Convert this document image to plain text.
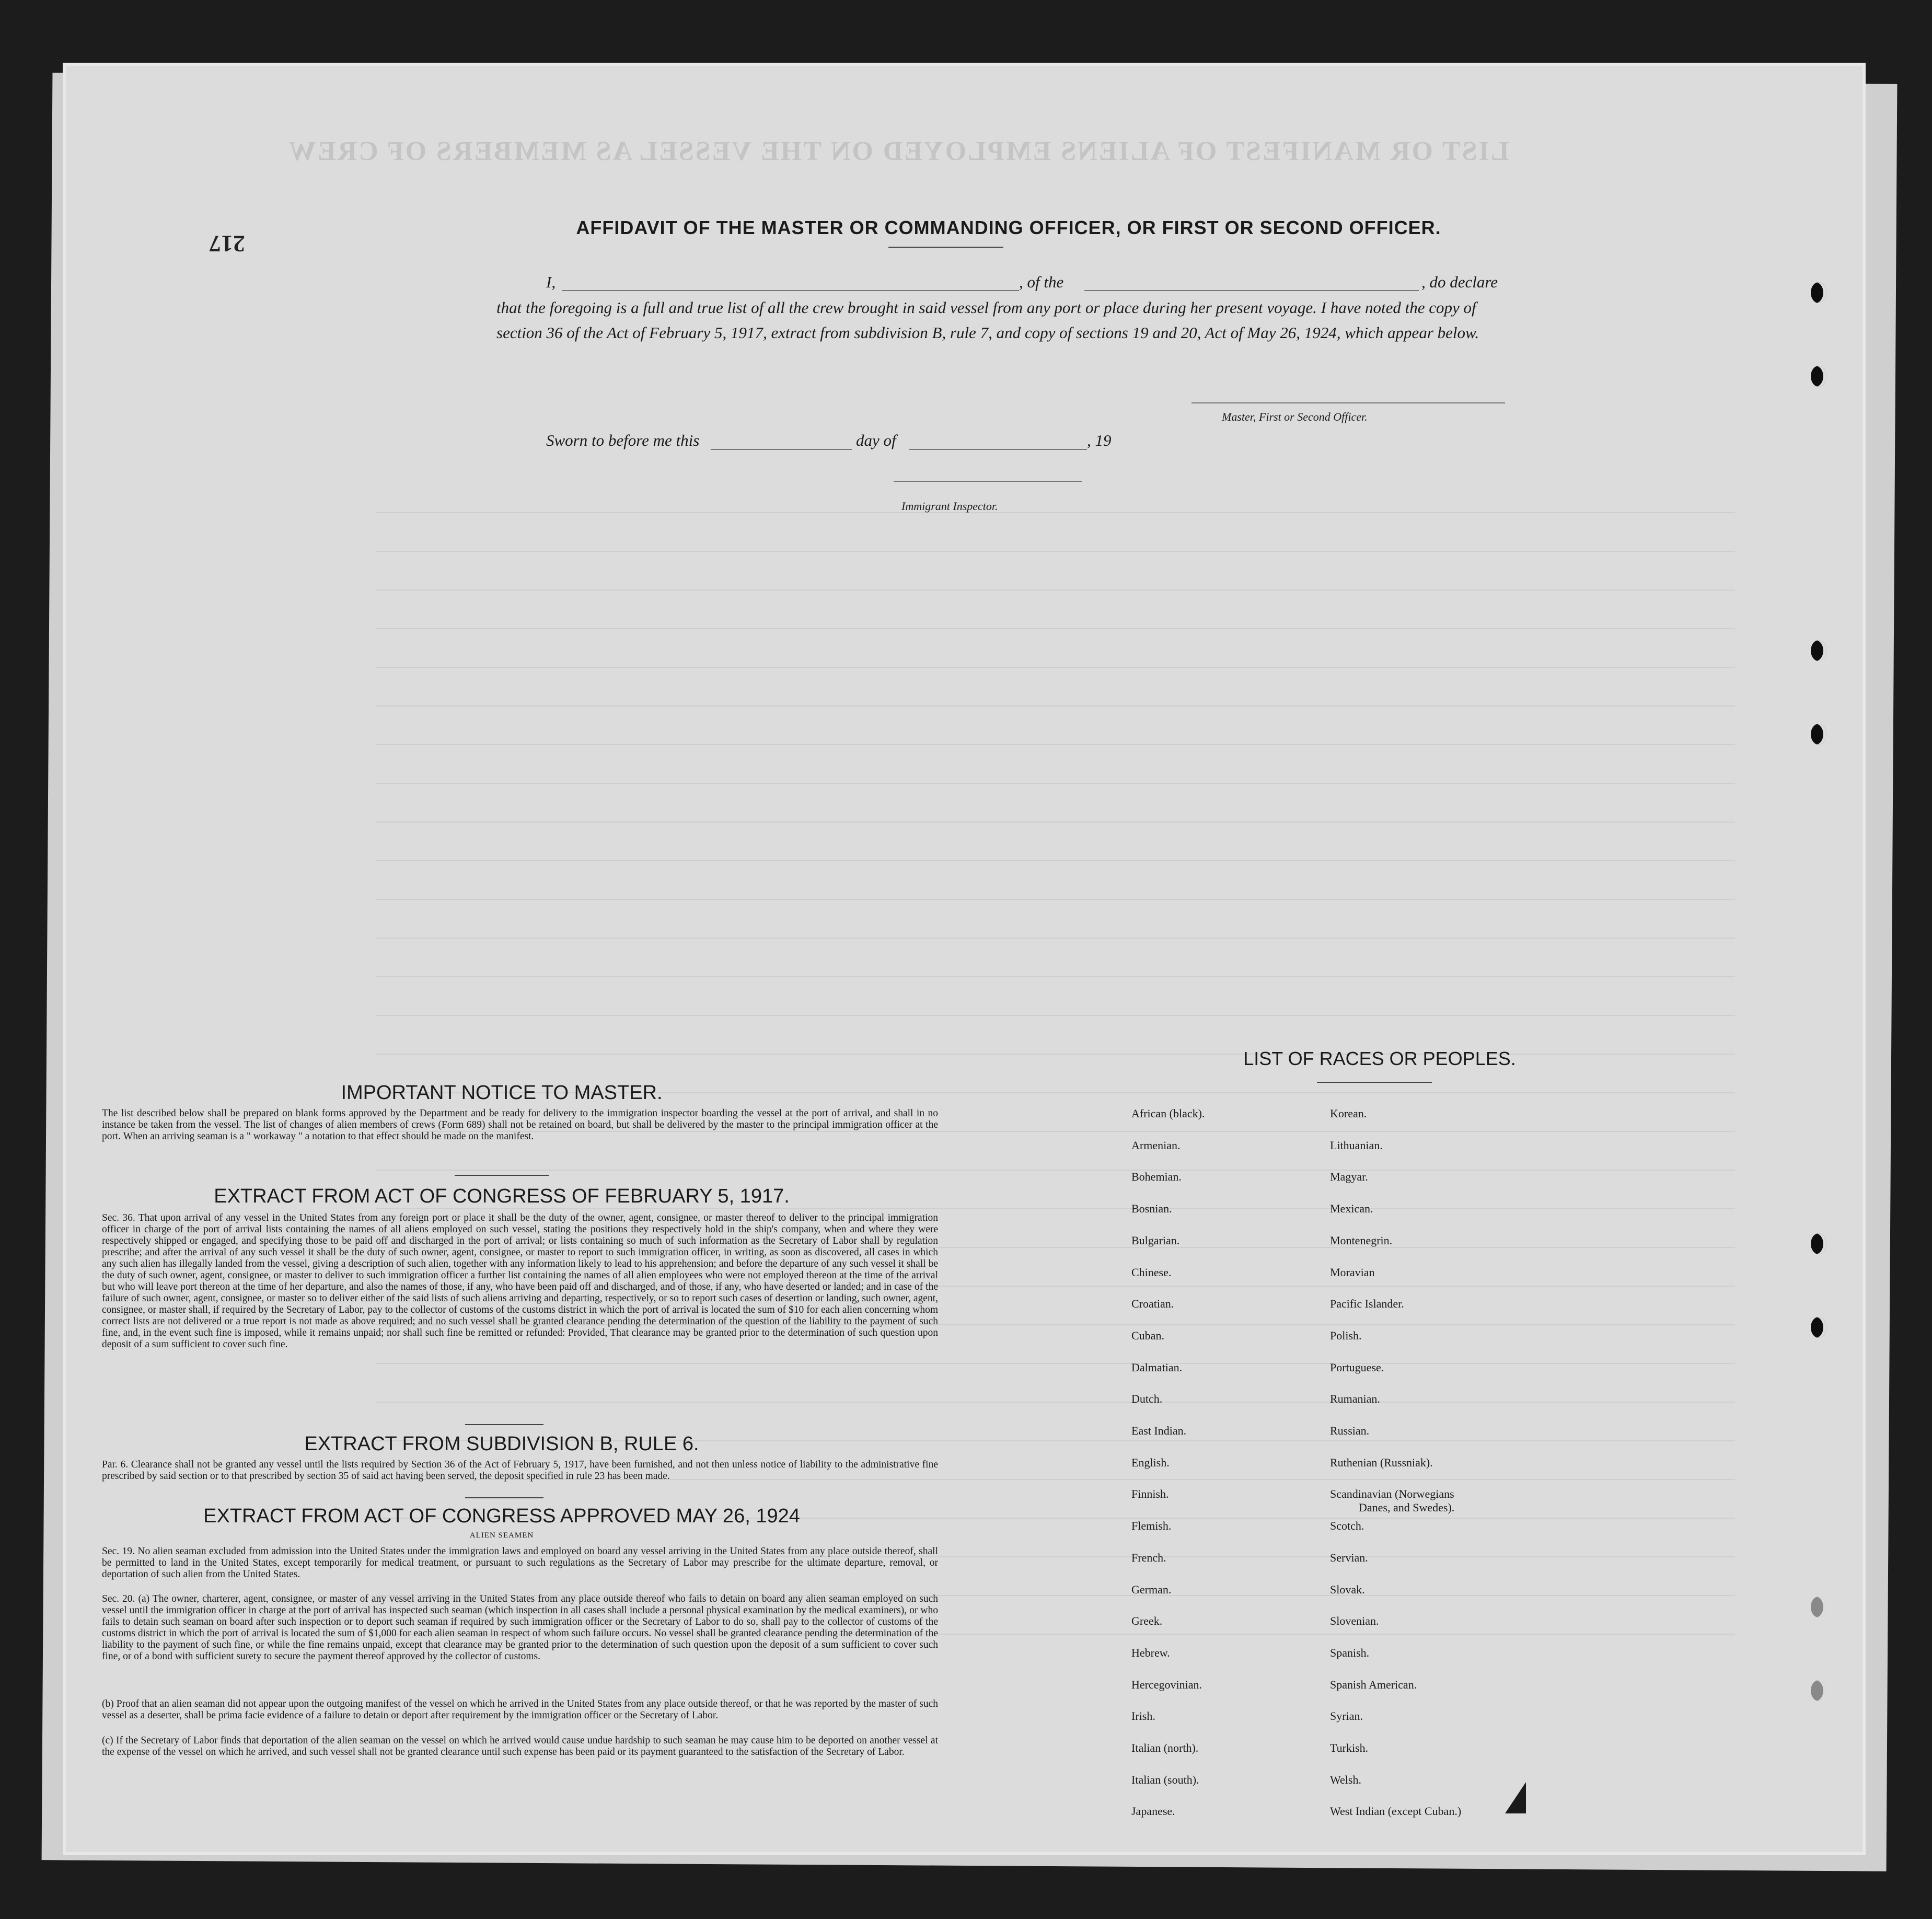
LIST OR MANIFEST OF ALIENS EMPLOYED ON THE VESSEL AS MEMBERS OF CREW
217
AFFIDAVIT OF THE MASTER OR COMMANDING OFFICER, OR FIRST OR SECOND OFFICER.
I,	, of the	, do declare
that the foregoing is a full and true list of all the crew brought in said vessel from any port or place during her present voyage. I have noted the copy of section 36 of the Act of February 5, 1917, extract from subdivision B, rule 7, and copy of sections 19 and 20, Act of May 26, 1924, which appear below.
Master, First or Second Officer.
Sworn to before me this	day of	, 19
Immigrant Inspector.
IMPORTANT NOTICE TO MASTER.
The list described below shall be prepared on blank forms approved by the Department and be ready for delivery to the immigration inspector boarding the vessel at the port of arrival, and shall in no instance be taken from the vessel. The list of changes of alien members of crews (Form 689) shall not be retained on board, but shall be delivered by the master to the principal immigration officer at the port. When an arriving seaman is a " workaway " a notation to that effect should be made on the manifest.
EXTRACT FROM ACT OF CONGRESS OF FEBRUARY 5, 1917.
Sec. 36. That upon arrival of any vessel in the United States from any foreign port or place it shall be the duty of the owner, agent, consignee, or master thereof to deliver to the principal immigration officer in charge of the port of arrival lists containing the names of all aliens employed on such vessel, stating the positions they respectively hold in the ship's company, when and where they were respectively shipped or engaged, and specifying those to be paid off and discharged in the port of arrival; or lists containing so much of such information as the Secretary of Labor shall by regulation prescribe; and after the arrival of any such vessel it shall be the duty of such owner, agent, consignee, or master to report to such immigration officer, in writing, as soon as discovered, all cases in which any such alien has illegally landed from the vessel, giving a description of such alien, together with any information likely to lead to his apprehension; and before the departure of any such vessel it shall be the duty of such owner, agent, consignee, or master to deliver to such immigration officer a further list containing the names of all alien employees who were not employed thereon at the time of the arrival but who will leave port thereon at the time of her departure, and also the names of those, if any, who have been paid off and discharged, and of those, if any, who have deserted or landed; and in case of the failure of such owner, agent, consignee, or master so to deliver either of the said lists of such aliens arriving and departing, respectively, or so to report such cases of desertion or landing, such owner, agent, consignee, or master shall, if required by the Secretary of Labor, pay to the collector of customs of the customs district in which the port of arrival is located the sum of $10 for each alien concerning whom correct lists are not delivered or a true report is not made as above required; and no such vessel shall be granted clearance pending the determination of the question of the liability to the payment of such fine, and, in the event such fine is imposed, while it remains unpaid; nor shall such fine be remitted or refunded: Provided, That clearance may be granted prior to the determination of such question upon deposit of a sum sufficient to cover such fine.
EXTRACT FROM SUBDIVISION B, RULE 6.
Par. 6. Clearance shall not be granted any vessel until the lists required by Section 36 of the Act of February 5, 1917, have been furnished, and not then unless notice of liability to the administrative fine prescribed by said section or to that prescribed by section 35 of said act having been served, the deposit specified in rule 23 has been made.
EXTRACT FROM ACT OF CONGRESS APPROVED MAY 26, 1924
ALIEN SEAMEN
Sec. 19. No alien seaman excluded from admission into the United States under the immigration laws and employed on board any vessel arriving in the United States from any place outside thereof, shall be permitted to land in the United States, except temporarily for medical treatment, or pursuant to such regulations as the Secretary of Labor may prescribe for the ultimate departure, removal, or deportation of such alien from the United States.
Sec. 20. (a) The owner, charterer, agent, consignee, or master of any vessel arriving in the United States from any place outside thereof who fails to detain on board any alien seaman employed on such vessel until the immigration officer in charge at the port of arrival has inspected such seaman (which inspection in all cases shall include a personal physical examination by the medical examiners), or who fails to detain such seaman on board after such inspection or to deport such seaman if required by such immigration officer or the Secretary of Labor to do so, shall pay to the collector of customs of the customs district in which the port of arrival is located the sum of $1,000 for each alien seaman in respect of whom such failure occurs. No vessel shall be granted clearance pending the determination of the liability to the payment of such fine, or while the fine remains unpaid, except that clearance may be granted prior to the determination of such question upon the deposit of a sum sufficient to cover such fine, or of a bond with sufficient surety to secure the payment thereof approved by the collector of customs.
(b) Proof that an alien seaman did not appear upon the outgoing manifest of the vessel on which he arrived in the United States from any place outside thereof, or that he was reported by the master of such vessel as a deserter, shall be prima facie evidence of a failure to detain or deport after requirement by the immigration officer or the Secretary of Labor.
(c) If the Secretary of Labor finds that deportation of the alien seaman on the vessel on which he arrived would cause undue hardship to such seaman he may cause him to be deported on another vessel at the expense of the vessel on which he arrived, and such vessel shall not be granted clearance until such expense has been paid or its payment guaranteed to the satisfaction of the Secretary of Labor.
LIST OF RACES OR PEOPLES.
African (black).
Armenian.
Bohemian.
Bosnian.
Bulgarian.
Chinese.
Croatian.
Cuban.
Dalmatian.
Dutch.
East Indian.
English.
Finnish.
Flemish.
French.
German.
Greek.
Hebrew.
Hercegovinian.
Irish.
Italian (north).
Italian (south).
Japanese.
Korean.
Lithuanian.
Magyar.
Mexican.
Montenegrin.
Moravian
Pacific Islander.
Polish.
Portuguese.
Rumanian.
Russian.
Ruthenian (Russniak).
Scandinavian (Norwegians
Danes, and Swedes).
Scotch.
Servian.
Slovak.
Slovenian.
Spanish.
Spanish American.
Syrian.
Turkish.
Welsh.
West Indian (except Cuban.)
